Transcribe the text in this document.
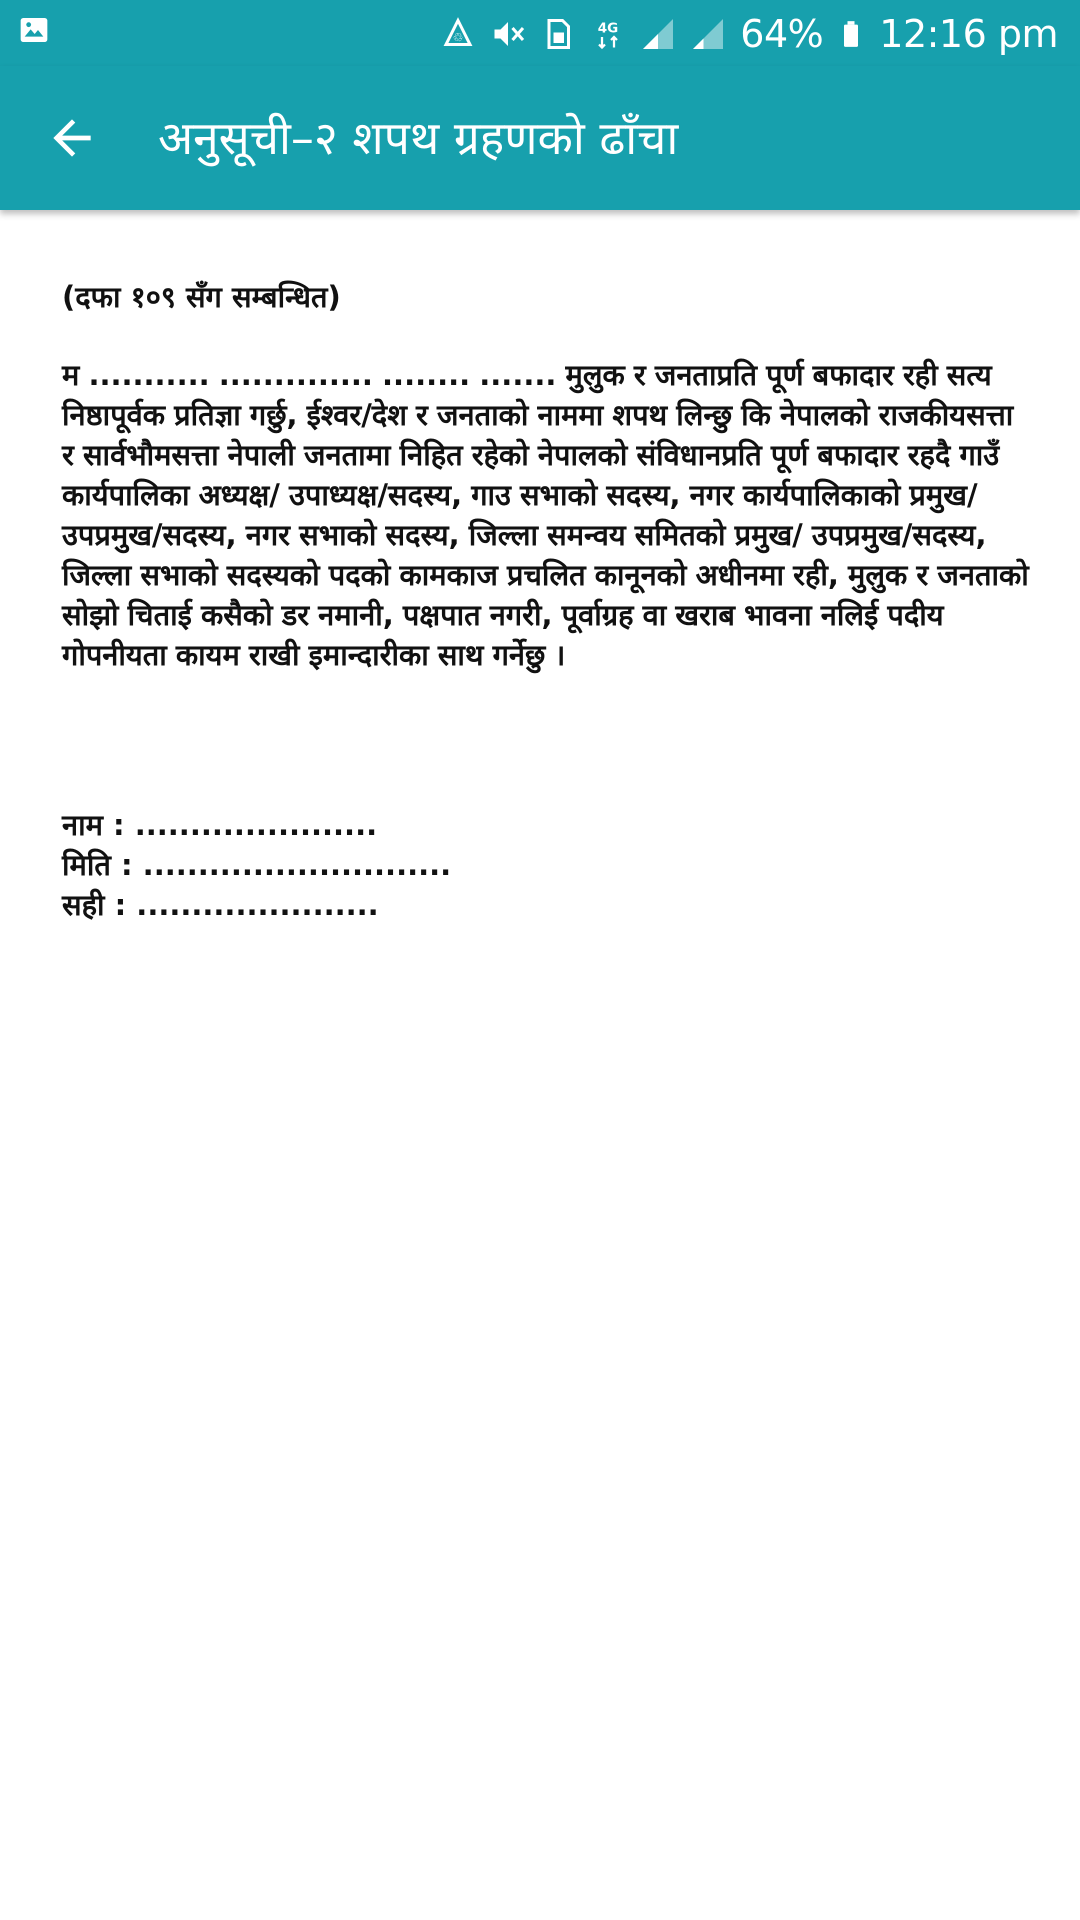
♲
4G	64% 12:16 pm
अनुसूची–२ शपथ ग्रहणको ढाँचा

(दफा १०९ सँग सम्बन्धित)

म ........... .............. ........ ....... मुलुक र जनताप्रति पूर्ण बफादार रही सत्य निष्ठापूर्वक प्रतिज्ञा गर्छु, ईश्वर/देश र जनताको नाममा शपथ लिन्छु कि नेपालको राजकीयसत्ता र सार्वभौमसत्ता नेपाली जनतामा निहित रहेको नेपालको संविधानप्रति पूर्ण बफादार रहदै गाउँ कार्यपालिका अध्यक्ष/ उपाध्यक्ष/सदस्य, गाउ सभाको सदस्य, नगर कार्यपालिकाको प्रमुख/ उपप्रमुख/सदस्य, नगर सभाको सदस्य, जिल्ला समन्वय समितको प्रमुख/ उपप्रमुख/सदस्य, जिल्ला सभाको सदस्यको पदको कामकाज प्रचलित कानूनको अधीनमा रही, मुलुक र जनताको सोझो चिताई कसैको डर नमानी, पक्षपात नगरी, पूर्वाग्रह वा खराब भावना नलिई पदीय गोपनीयता कायम राखी इमान्दारीका साथ गर्नेछु ।

नाम : ......................
मिति : ............................
सही : ......................
